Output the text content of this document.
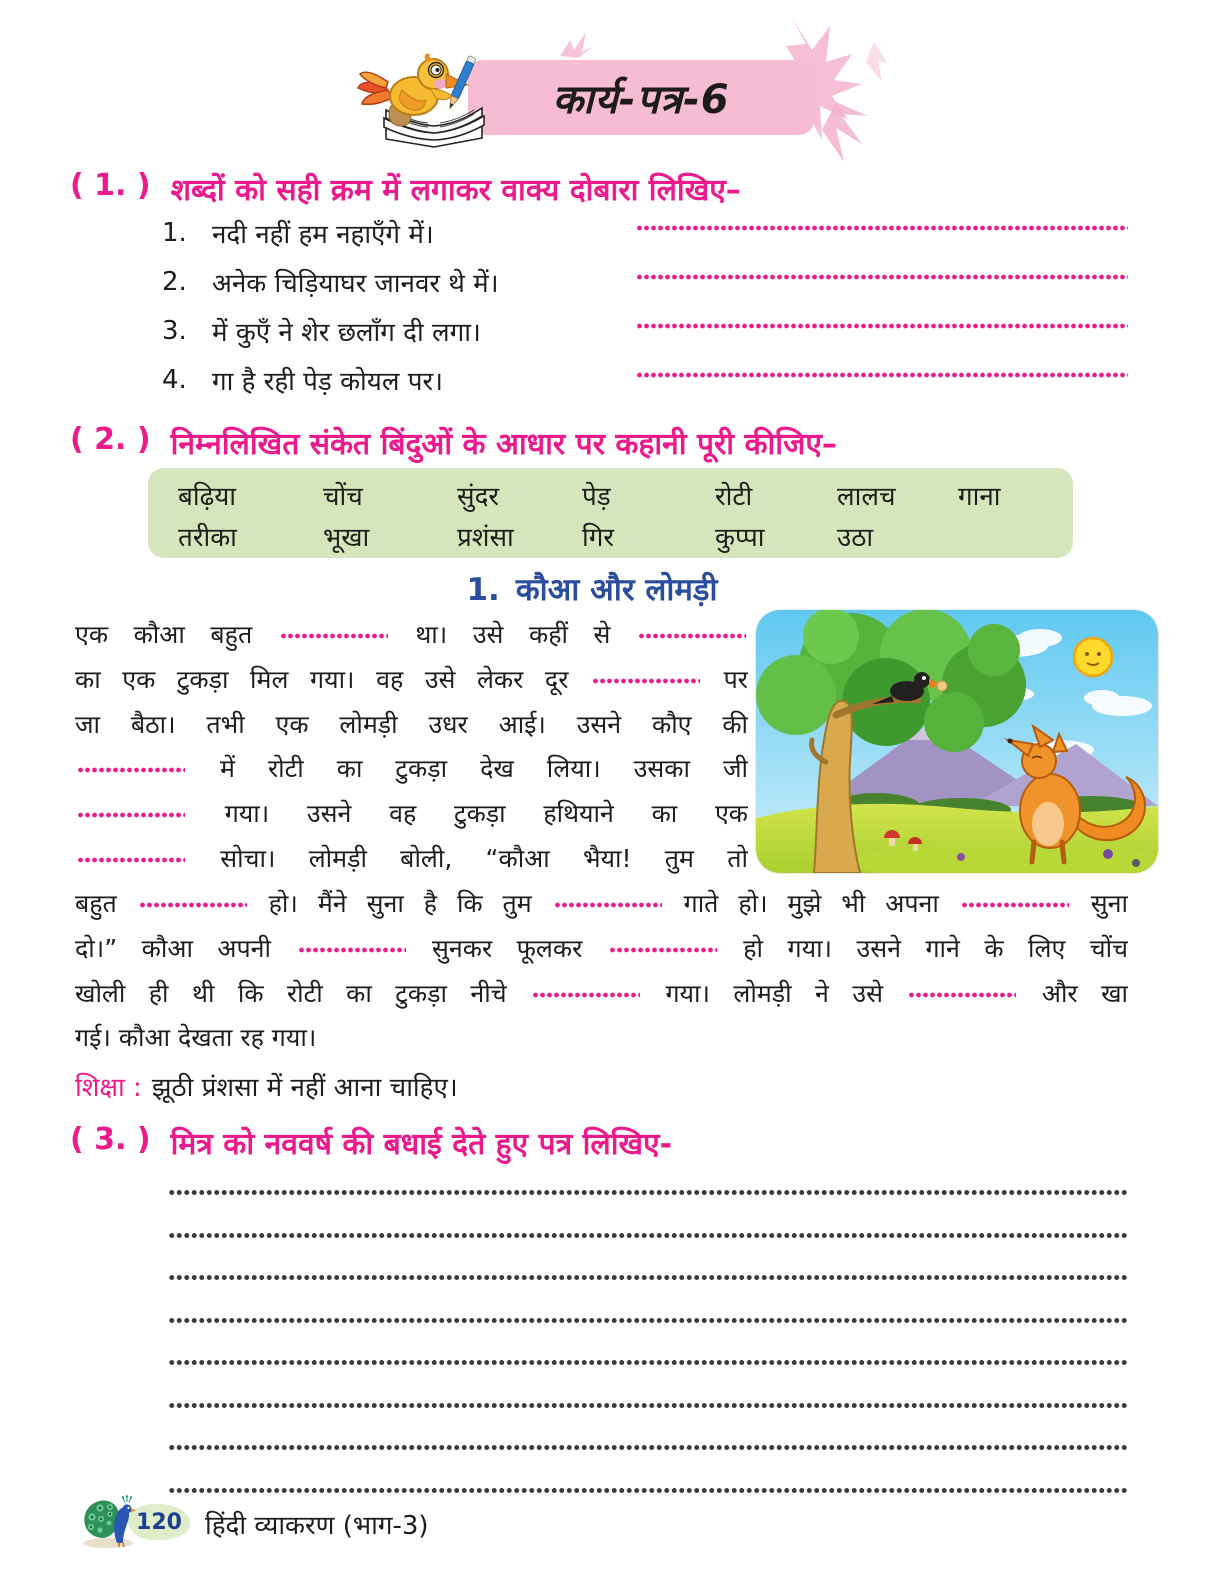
कार्य-पत्र-6
( 1. ) शब्दों को सही क्रम में लगाकर वाक्य दोबारा लिखिए–
1. नदी नहीं हम नहाएँगे में।
2. अनेक चिड़ियाघर जानवर थे में।
3. में कुएँ ने शेर छलाँग दी लगा।
4. गा है रही पेड़ कोयल पर।
( 2. ) निम्नलिखित संकेत बिंदुओं के आधार पर कहानी पूरी कीजिए–
बढ़िया	चोंच	सुंदर	पेड़	रोटी	लालच	गाना
तरीका	भूखा	प्रशंसा	गिर	कुप्पा	उठा
1. कौआ और लोमड़ी
एक कौआ बहुत	था। उसे कहीं से
का एक टुकड़ा मिल गया। वह उसे लेकर दूर	पर
जा बैठा। तभी एक लोमड़ी उधर आई। उसने कौए की
में रोटी का टुकड़ा देख लिया। उसका जी
गया। उसने वह टुकड़ा हथियाने का एक
सोचा। लोमड़ी बोली, “कौआ भैया! तुम तो
बहुत	हो। मैंने सुना है कि तुम	गाते हो। मुझे भी अपना	सुना
दो।” कौआ अपनी	सुनकर फूलकर	हो गया। उसने गाने के लिए चोंच
खोली ही थी कि रोटी का टुकड़ा नीचे	गया। लोमड़ी ने उसे	और खा
गई। कौआ देखता रह गया।
शिक्षा : झूठी प्रंशसा में नहीं आना चाहिए।
( 3. ) मित्र को नववर्ष की बधाई देते हुए पत्र लिखिए-
120 हिंदी व्याकरण (भाग-3)
